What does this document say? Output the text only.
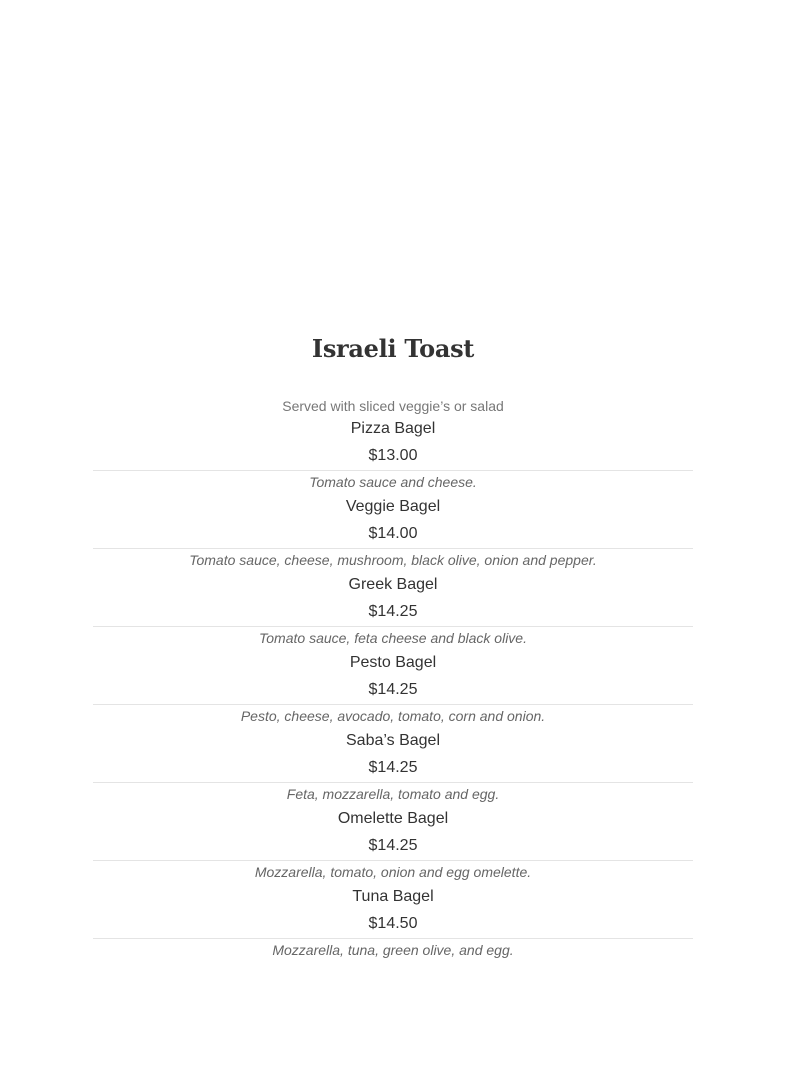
Israeli Toast
Served with sliced veggie’s or salad
Pizza Bagel
$13.00
Tomato sauce and cheese.
Veggie Bagel
$14.00
Tomato sauce, cheese, mushroom, black olive, onion and pepper.
Greek Bagel
$14.25
Tomato sauce, feta cheese and black olive.
Pesto Bagel
$14.25
Pesto, cheese, avocado, tomato, corn and onion.
Saba’s Bagel
$14.25
Feta, mozzarella, tomato and egg.
Omelette Bagel
$14.25
Mozzarella, tomato, onion and egg omelette.
Tuna Bagel
$14.50
Mozzarella, tuna, green olive, and egg.
